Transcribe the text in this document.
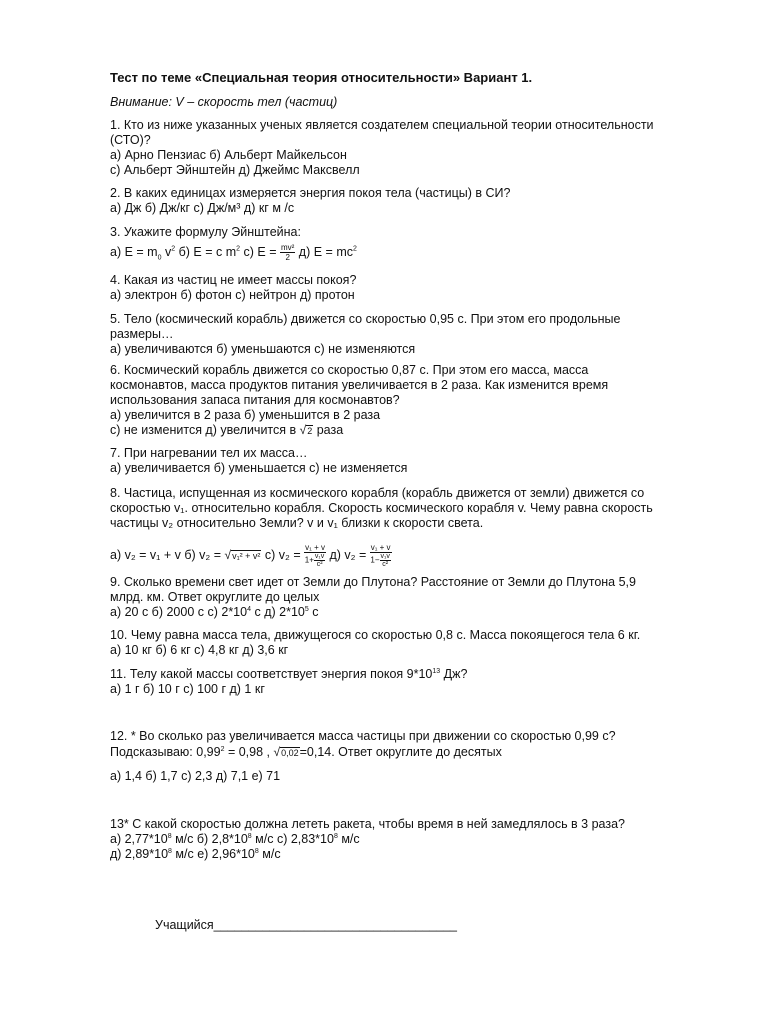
Тест по теме «Специальная теория относительности» Вариант 1.
Внимание: V – скорость тел (частиц)
1. Кто из ниже указанных ученых является создателем специальной теории относительности
(СТО)?
а) Арно Пензиас б) Альберт Майкельсон
с) Альберт Эйнштейн д) Джеймс Максвелл
2. В каких единицах измеряется энергия покоя тела (частицы) в СИ?
а) Дж б) Дж/кг с) Дж/м³ д) кг м /с
3. Укажите формулу Эйнштейна:
а) $Е = m_0$ $v^2$ б) Е = с $m^2$ с) $Е = \frac{\text{mv²}}{2} д$) $Е = mc^2$
4. Какая из частиц не имеет массы покоя?
а) электрон б) фотон с) нейтрон д) протон
5. Тело (космический корабль) движется со скоростью 0,95 с. При этом его продольные
размеры…
а) увеличиваются б) уменьшаются с) не изменяются
6. Космический корабль движется со скоростью 0,87 с. При этом его масса, масса
космонавтов, масса продуктов питания увеличивается в 2 раза. Как изменится время
использования запаса питания для космонавтов?
а) увеличится в 2 раза б) уменьшится в 2 раза
с) не изменится д) увеличится в √2 раза
7. При нагревании тел их масса…
а) увеличивается б) уменьшается с) не изменяется
8. Частица, испущенная из космического корабля (корабль движется от земли) движется со
скоростью v₁. относительно корабля. Скорость космического корабля v. Чему равна скорость
частицы v₂ относительно Земли? v и v₁ близки к скорости света.
а) v₂ = v₁ + v б) v₂ = √v₁² + v² с) $v_2 = \frac{\text{v₁ + v}}{1+ \frac{\text{v₁v}}{\text{c²}}} д$) $v_2 = \frac{\text{v₁ + v}}{1- \frac{\text{v₁v}}{\text{c²}}}$
9. Сколько времени свет идет от Земли до Плутона? Расстояние от Земли до Плутона 5,9
млрд. км. Ответ округлите до целых
а) 20 с б) 2000 с с) $2*10^4$ с д) $2*10^5$ с
10. Чему равна масса тела, движущегося со скоростью 0,8 с. Масса покоящегося тела 6 кг.
а) 10 кг б) 6 кг с) 4,8 кг д) 3,6 кг
11. Телу какой массы соответствует энергия покоя $9*10^{13}$ Дж?
а) 1 г б) 10 г с) 100 г д) 1 кг
12. * Во сколько раз увеличивается масса частицы при движении со скоростью 0,99 с?
Подсказываю: $0,99^2 = 0,98$ , √0,02=0,14. Ответ округлите до десятых
а) 1,4 б) 1,7 с) 2,3 д) 7,1 е) 71
13* С какой скоростью должна лететь ракета, чтобы время в ней замедлялось в 3 раза?
а) $2,77*10^8$ м/с б) $2,8*10^8$ м/с с) $2,83*10^8$ м/с
д) $2,89*10^8$ м/с е) $2,96*10^8$ м/с
Учащийся___________________________________
